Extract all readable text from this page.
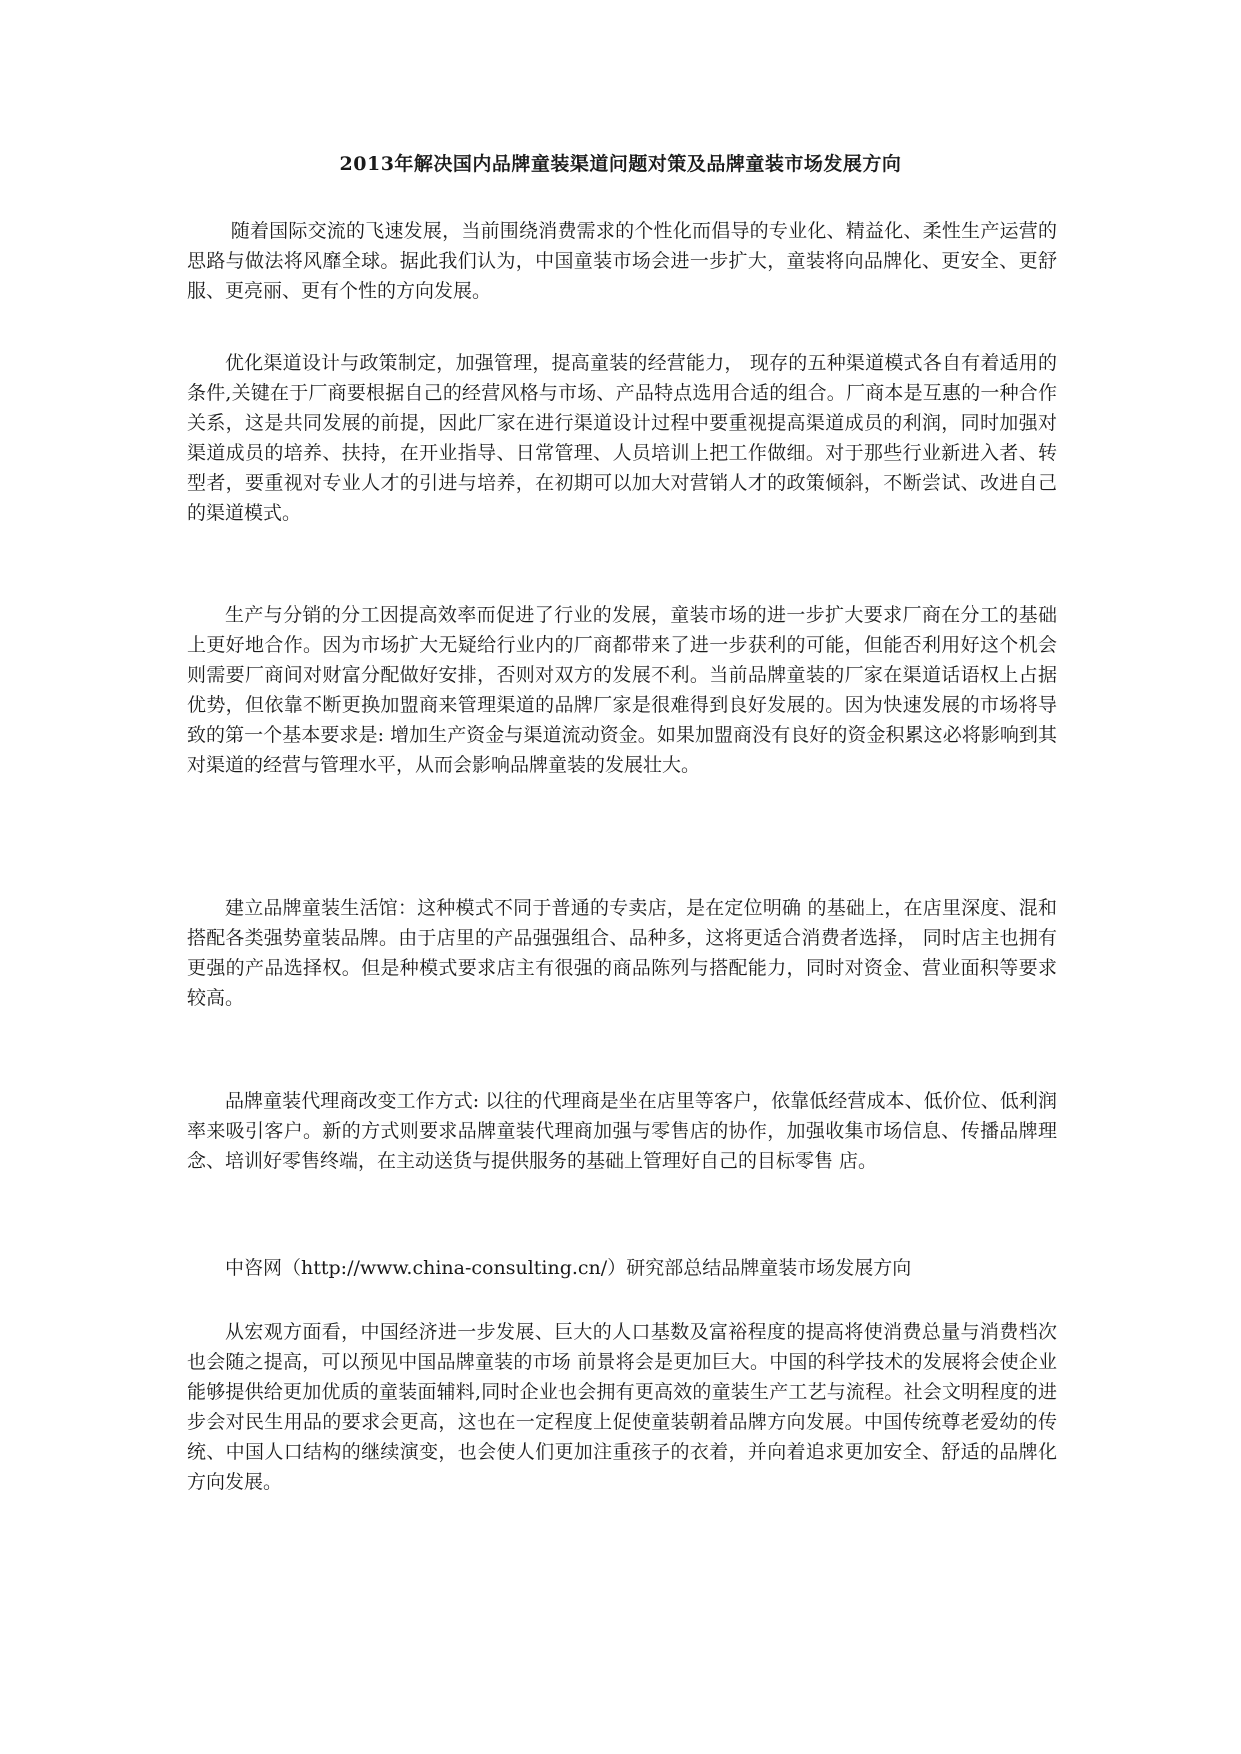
2013年解决国内品牌童装渠道问题对策及品牌童装市场发展方向

随着国际交流的飞速发展，当前围绕消费需求的个性化而倡导的专业化、精益化、柔性生产运营的思路与做法将风靡全球。据此我们认为，中国童装市场会进一步扩大，童装将向品牌化、更安全、更舒服、更亮丽、更有个性的方向发展。

优化渠道设计与政策制定，加强管理，提高童装的经营能力， 现存的五种渠道模式各自有着适用的条件,关键在于厂商要根据自己的经营风格与市场、产品特点选用合适的组合。厂商本是互惠的一种合作关系，这是共同发展的前提，因此厂家在进行渠道设计过程中要重视提高渠道成员的利润，同时加强对渠道成员的培养、扶持，在开业指导、日常管理、人员培训上把工作做细。对于那些行业新进入者、转型者，要重视对专业人才的引进与培养，在初期可以加大对营销人才的政策倾斜，不断尝试、改进自己的渠道模式。

生产与分销的分工因提高效率而促进了行业的发展，童装市场的进一步扩大要求厂商在分工的基础上更好地合作。因为市场扩大无疑给行业内的厂商都带来了进一步获利的可能，但能否利用好这个机会则需要厂商间对财富分配做好安排，否则对双方的发展不利。当前品牌童装的厂家在渠道话语权上占据优势，但依靠不断更换加盟商来管理渠道的品牌厂家是很难得到良好发展的。因为快速发展的市场将导致的第一个基本要求是: 增加生产资金与渠道流动资金。如果加盟商没有良好的资金积累这必将影响到其对渠道的经营与管理水平，从而会影响品牌童装的发展壮大。

建立品牌童装生活馆：这种模式不同于普通的专卖店，是在定位明确 的基础上，在店里深度、混和搭配各类强势童装品牌。由于店里的产品强强组合、品种多，这将更适合消费者选择， 同时店主也拥有更强的产品选择权。但是种模式要求店主有很强的商品陈列与搭配能力，同时对资金、营业面积等要求较高。

品牌童装代理商改变工作方式: 以往的代理商是坐在店里等客户，依靠低经营成本、低价位、低利润率来吸引客户。新的方式则要求品牌童装代理商加强与零售店的协作，加强收集市场信息、传播品牌理念、培训好零售终端，在主动送货与提供服务的基础上管理好自己的目标零售 店。

中咨网（http://www.china-consulting.cn/）研究部总结品牌童装市场发展方向

从宏观方面看，中国经济进一步发展、巨大的人口基数及富裕程度的提高将使消费总量与消费档次也会随之提高，可以预见中国品牌童装的市场 前景将会是更加巨大。中国的科学技术的发展将会使企业能够提供给更加优质的童装面辅料,同时企业也会拥有更高效的童装生产工艺与流程。社会文明程度的进步会对民生用品的要求会更高，这也在一定程度上促使童装朝着品牌方向发展。中国传统尊老爱幼的传统、中国人口结构的继续演变，也会使人们更加注重孩子的衣着，并向着追求更加安全、舒适的品牌化方向发展。
